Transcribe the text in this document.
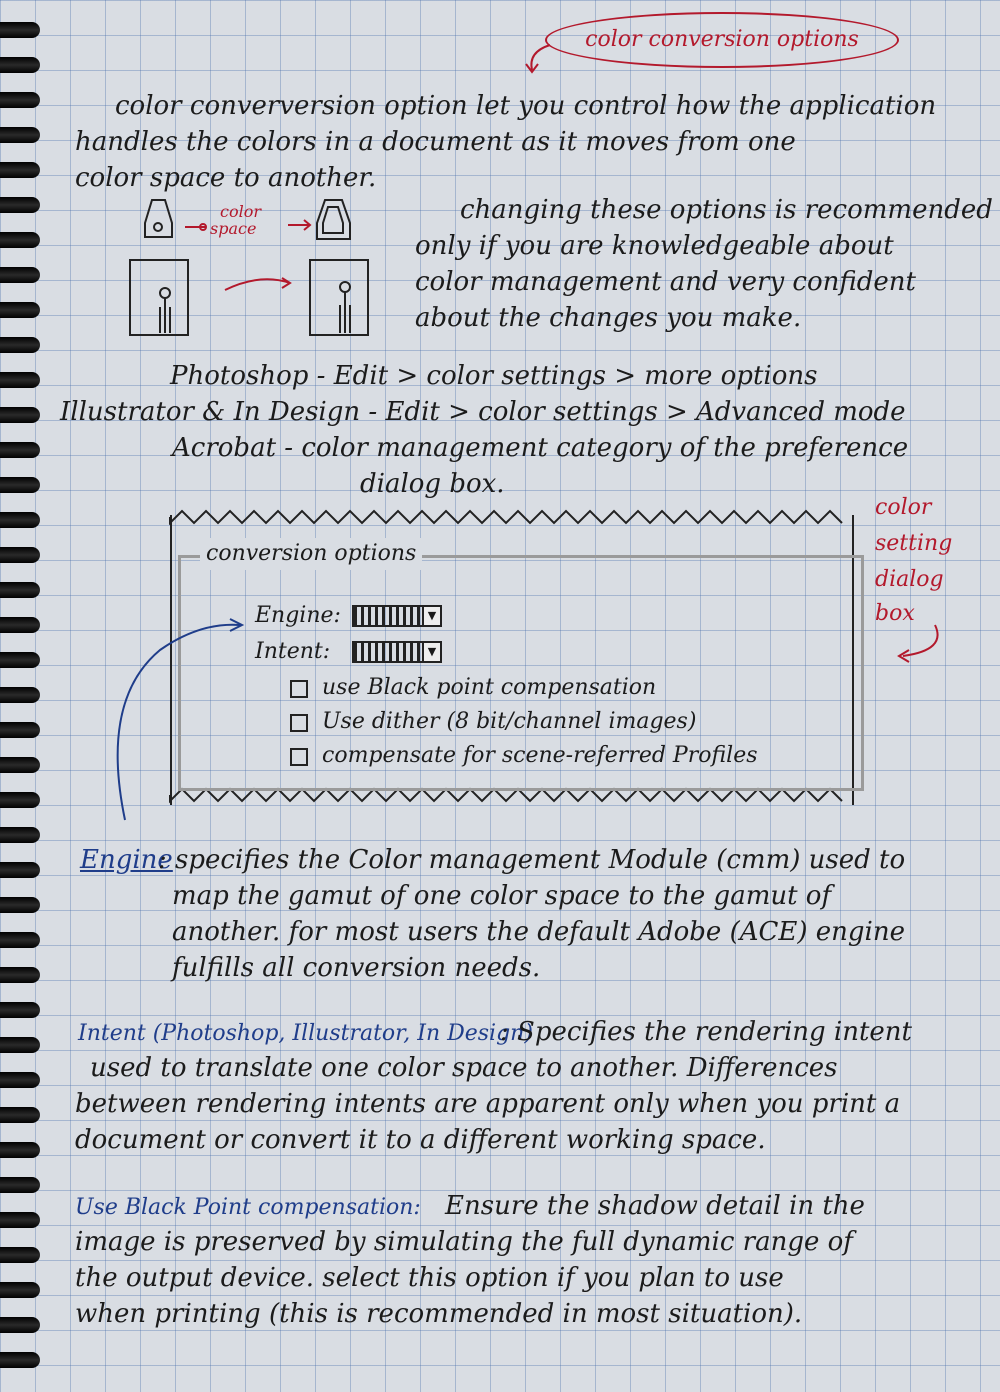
color conversion options
color converversion option let you control how the application
handles the colors in a document as it moves from one
color space to another.
color
space
changing these options is recommended
only if you are knowledgeable about
color management and very confident
about the changes you make.
Photoshop - Edit > color settings > more options
Illustrator & In Design - Edit > color settings > Advanced mode
Acrobat - color management category of the preference
dialog box.
conversion options
Engine:	▼
Intent:	▼
use Black point compensation
Use dither (8 bit/channel images)
compensate for scene-referred Profiles
color
setting
dialog
box
Engine
: specifies the Color management Module (cmm) used to
map the gamut of one color space to the gamut of
another. for most users the default Adobe (ACE) engine
fulfills all conversion needs.
Intent (Photoshop, Illustrator, In Design)
: Specifies the rendering intent
used to translate one color space to another. Differences
between rendering intents are apparent only when you print a
document or convert it to a different working space.
Use Black Point compensation: Ensure the shadow detail in the
image is preserved by simulating the full dynamic range of
the output device. select this option if you plan to use
when printing (this is recommended in most situation).
